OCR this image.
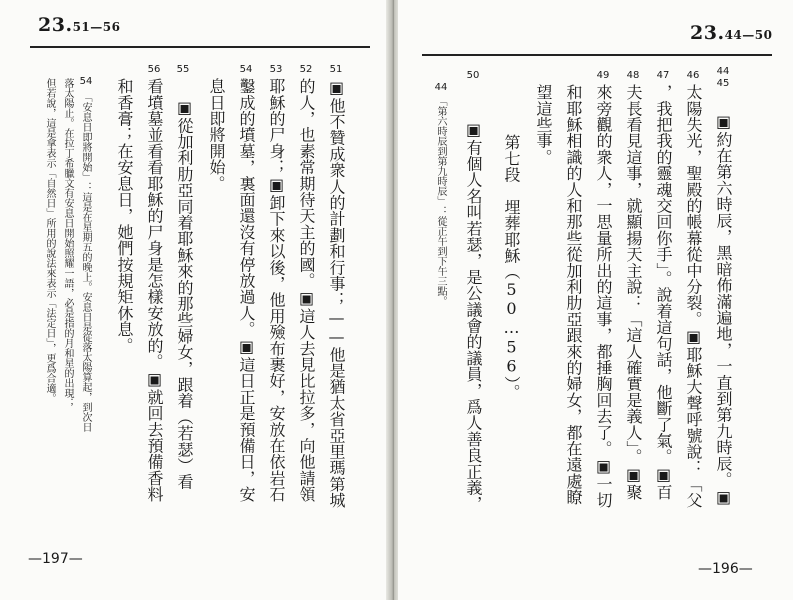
23.51—56
51
52
53
54
55
56
54	▣他不贊成衆人的計劃和行事；——他是猶太省亞里瑪第城
的人，也素常期待天主的國。▣這人去見比拉多，向他請領
耶穌的尸身；▣卸下來以後，他用殮布裹好，安放在依岩石
鑿成的墳墓，裏面還沒有停放過人。▣這日正是預備日，安
息日即將開始。
▣從加利肋亞同着耶穌來的那些婦女，跟着（若瑟）看
看墳墓並看看耶穌的尸身是怎樣安放的。▣就回去預備香料
和香膏；在安息日，她們按規矩休息。
「安息日即將開始」：這是在星期五的晚上。安息日是從落太陽算起，到次日
落太陽止。在拉丁希臘文有安息日開始照耀一語，必是指的月和星的出現；
但若說，這是拿表示「自然日」所用的說法來表示「法定日」，更爲合適。
—197—
23.44—50
44
45
46
47
48
49
50
44
▣約在第六時辰，黑暗佈滿遍地，一直到第九時辰。▣
太陽失光，聖殿的帳幕從中分裂。▣耶穌大聲呼號說：「父
，我把我的靈魂交回你手」。說着這句話，他斷了氣。▣百
夫長看見這事，就顯揚天主說：「這人確實是義人」。▣聚
來旁觀的衆人，一思量所出的這事，都捶胸回去了。▣一切
和耶穌相識的人和那些從加利肋亞跟來的婦女，都在遠處瞭
望這些事。
第七段　埋葬耶穌（50…56）。
▣有個人名叫若瑟，是公議會的議員，爲人善良正義，
「第六時辰到第九時辰」：從正午到下午三點。
—196—
